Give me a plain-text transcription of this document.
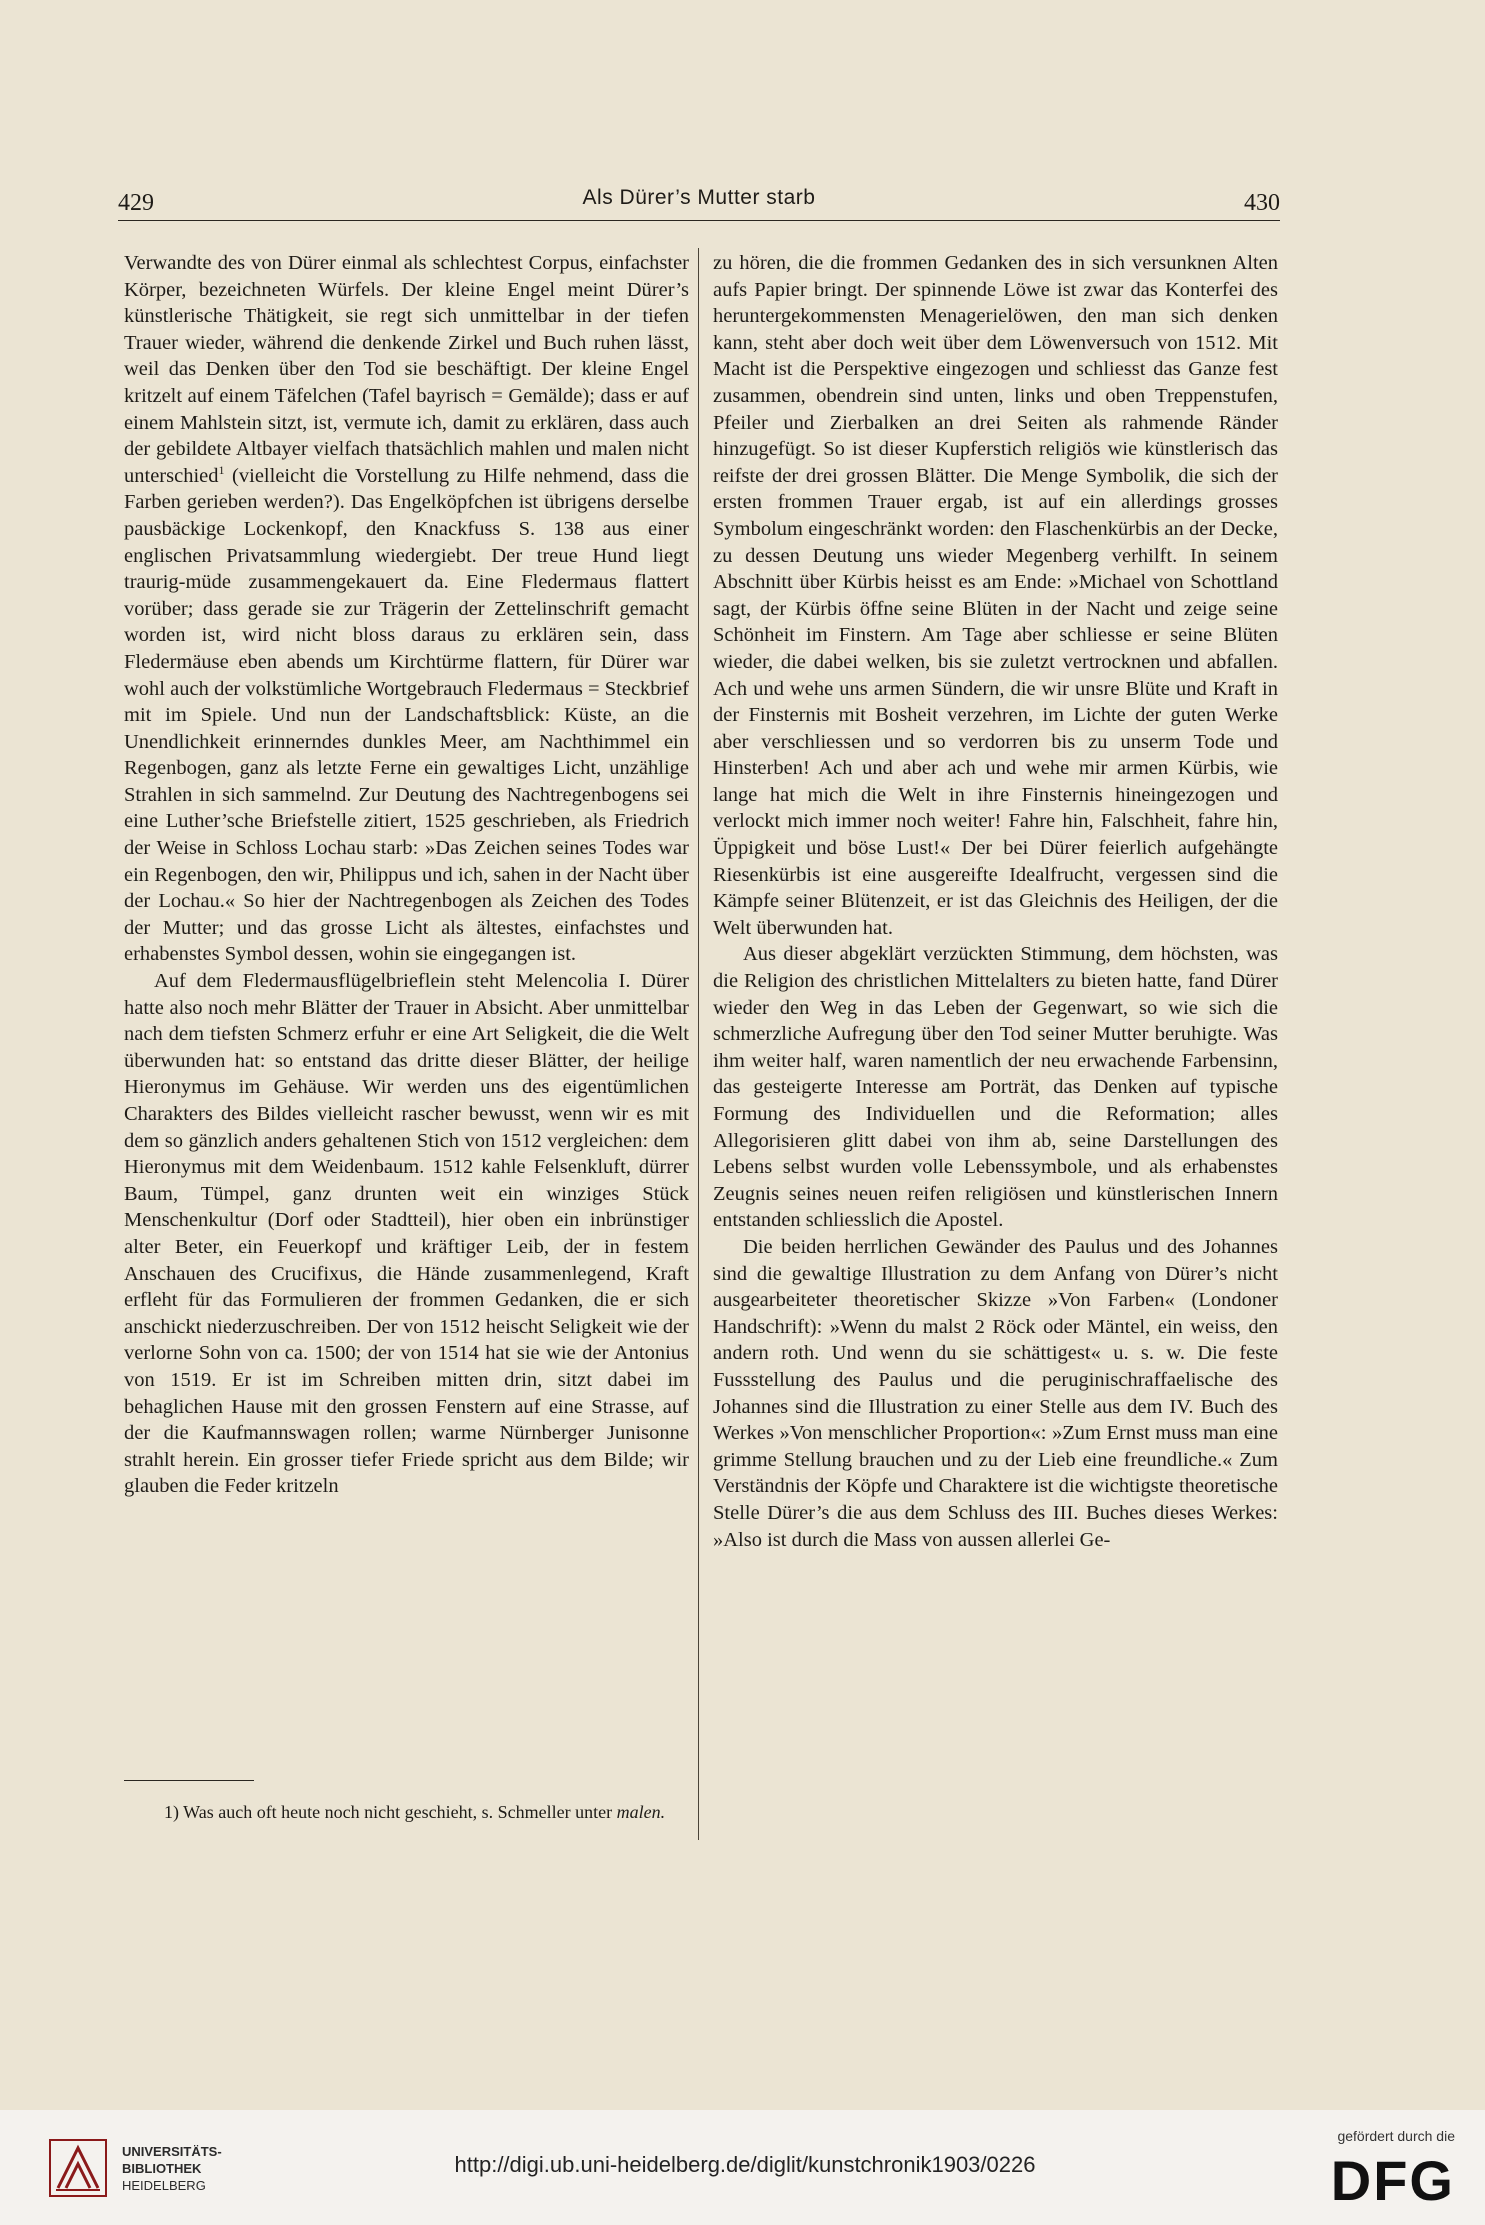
429	Als Dürer’s Mutter starb	430

Verwandte des von Dürer einmal als schlechtest Corpus, einfachster Körper, bezeichneten Würfels. Der kleine Engel meint Dürer’s künstlerische Thätigkeit, sie regt sich unmittelbar in der tiefen Trauer wieder, während die denkende Zirkel und Buch ruhen lässt, weil das Denken über den Tod sie beschäftigt. Der kleine Engel kritzelt auf einem Täfelchen (Tafel bayrisch = Gemälde); dass er auf einem Mahlstein sitzt, ist, vermute ich, damit zu erklären, dass auch der gebildete Altbayer vielfach thatsächlich mahlen und malen nicht unterschied$^1$ (vielleicht die Vorstellung zu Hilfe nehmend, dass die Farben gerieben werden?). Das Engelköpfchen ist übrigens derselbe pausbäckige Lockenkopf, den Knackfuss S. 138 aus einer englischen Privatsammlung wiedergiebt. Der treue Hund liegt traurig-müde zusammengekauert da. Eine Fledermaus flattert vorüber; dass gerade sie zur Trägerin der Zettelinschrift gemacht worden ist, wird nicht bloss daraus zu erklären sein, dass Fledermäuse eben abends um Kirchtürme flattern, für Dürer war wohl auch der volkstümliche Wortgebrauch Fledermaus = Steckbrief mit im Spiele. Und nun der Landschaftsblick: Küste, an die Unendlichkeit erinnerndes dunkles Meer, am Nachthimmel ein Regenbogen, ganz als letzte Ferne ein gewaltiges Licht, unzählige Strahlen in sich sammelnd. Zur Deutung des Nachtregenbogens sei eine Luther’sche Briefstelle zitiert, 1525 geschrieben, als Friedrich der Weise in Schloss Lochau starb: »Das Zeichen seines Todes war ein Regenbogen, den wir, Philippus und ich, sahen in der Nacht über der Lochau.« So hier der Nachtregenbogen als Zeichen des Todes der Mutter; und das grosse Licht als ältestes, einfachstes und erhabenstes Symbol dessen, wohin sie eingegangen ist.

Auf dem Fledermausflügelbrieflein steht Melencolia I. Dürer hatte also noch mehr Blätter der Trauer in Absicht. Aber unmittelbar nach dem tiefsten Schmerz erfuhr er eine Art Seligkeit, die die Welt überwunden hat: so entstand das dritte dieser Blätter, der heilige Hieronymus im Gehäuse. Wir werden uns des eigentümlichen Charakters des Bildes vielleicht rascher bewusst, wenn wir es mit dem so gänzlich anders gehaltenen Stich von 1512 vergleichen: dem Hieronymus mit dem Weidenbaum. 1512 kahle Felsenkluft, dürrer Baum, Tümpel, ganz drunten weit ein winziges Stück Menschenkultur (Dorf oder Stadtteil), hier oben ein inbrünstiger alter Beter, ein Feuerkopf und kräftiger Leib, der in festem Anschauen des Crucifixus, die Hände zusammenlegend, Kraft erfleht für das Formulieren der frommen Gedanken, die er sich anschickt niederzuschreiben. Der von 1512 heischt Seligkeit wie der verlorne Sohn von ca. 1500; der von 1514 hat sie wie der Antonius von 1519. Er ist im Schreiben mitten drin, sitzt dabei im behaglichen Hause mit den grossen Fenstern auf eine Strasse, auf der die Kaufmannswagen rollen; warme Nürnberger Junisonne strahlt herein. Ein grosser tiefer Friede spricht aus dem Bilde; wir glauben die Feder kritzeln

zu hören, die die frommen Gedanken des in sich versunknen Alten aufs Papier bringt. Der spinnende Löwe ist zwar das Konterfei des heruntergekommensten Menagerielöwen, den man sich denken kann, steht aber doch weit über dem Löwenversuch von 1512. Mit Macht ist die Perspektive eingezogen und schliesst das Ganze fest zusammen, obendrein sind unten, links und oben Treppenstufen, Pfeiler und Zierbalken an drei Seiten als rahmende Ränder hinzugefügt. So ist dieser Kupferstich religiös wie künstlerisch das reifste der drei grossen Blätter. Die Menge Symbolik, die sich der ersten frommen Trauer ergab, ist auf ein allerdings grosses Symbolum eingeschränkt worden: den Flaschenkürbis an der Decke, zu dessen Deutung uns wieder Megenberg verhilft. In seinem Abschnitt über Kürbis heisst es am Ende: »Michael von Schottland sagt, der Kürbis öffne seine Blüten in der Nacht und zeige seine Schönheit im Finstern. Am Tage aber schliesse er seine Blüten wieder, die dabei welken, bis sie zuletzt vertrocknen und abfallen. Ach und wehe uns armen Sündern, die wir unsre Blüte und Kraft in der Finsternis mit Bosheit verzehren, im Lichte der guten Werke aber verschliessen und so verdorren bis zu unserm Tode und Hinsterben! Ach und aber ach und wehe mir armen Kürbis, wie lange hat mich die Welt in ihre Finsternis hineingezogen und verlockt mich immer noch weiter! Fahre hin, Falschheit, fahre hin, Üppigkeit und böse Lust!« Der bei Dürer feierlich aufgehängte Riesenkürbis ist eine ausgereifte Idealfrucht, vergessen sind die Kämpfe seiner Blütenzeit, er ist das Gleichnis des Heiligen, der die Welt überwunden hat.

Aus dieser abgeklärt verzückten Stimmung, dem höchsten, was die Religion des christlichen Mittelalters zu bieten hatte, fand Dürer wieder den Weg in das Leben der Gegenwart, so wie sich die schmerzliche Aufregung über den Tod seiner Mutter beruhigte. Was ihm weiter half, waren namentlich der neu erwachende Farbensinn, das gesteigerte Interesse am Porträt, das Denken auf typische Formung des Individuellen und die Reformation; alles Allegorisieren glitt dabei von ihm ab, seine Darstellungen des Lebens selbst wurden volle Lebenssymbole, und als erhabenstes Zeugnis seines neuen reifen religiösen und künstlerischen Innern entstanden schliesslich die Apostel.

Die beiden herrlichen Gewänder des Paulus und des Johannes sind die gewaltige Illustration zu dem Anfang von Dürer’s nicht ausgearbeiteter theoretischer Skizze »Von Farben« (Londoner Handschrift): »Wenn du malst 2 Röck oder Mäntel, ein weiss, den andern roth. Und wenn du sie schättigest« u. s. w. Die feste Fussstellung des Paulus und die peruginischraffaelische des Johannes sind die Illustration zu einer Stelle aus dem IV. Buch des Werkes »Von menschlicher Proportion«: »Zum Ernst muss man eine grimme Stellung brauchen und zu der Lieb eine freundliche.« Zum Verständnis der Köpfe und Charaktere ist die wichtigste theoretische Stelle Dürer’s die aus dem Schluss des III. Buches dieses Werkes: »Also ist durch die Mass von aussen allerlei Ge-

1) Was auch oft heute noch nicht geschieht, s. Schmeller unter malen.
UNIVERSITÄTS-
BIBLIOTHEK
HEIDELBERG
http://digi.ub.uni-heidelberg.de/diglit/kunstchronik1903/0226
gefördert durch die
DFG
